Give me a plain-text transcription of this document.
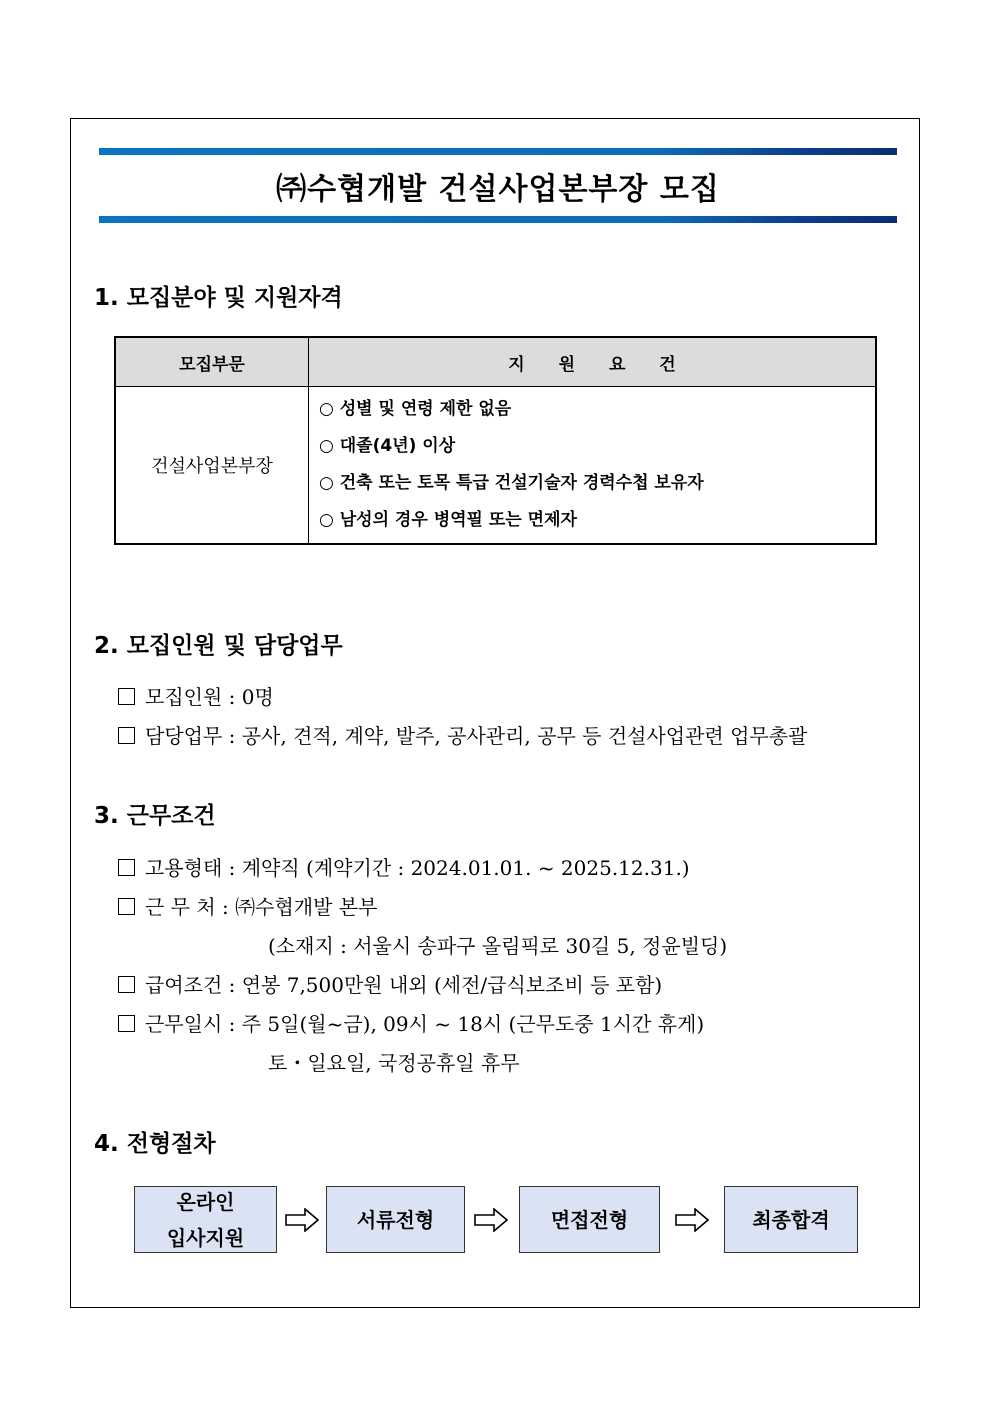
㈜수협개발 건설사업본부장 모집
1. 모집분야 및 지원자격
모집부문	지 원 요 건
건설사업본부장	○ 성별 및 연령 제한 없음
○ 대졸(4년) 이상
○ 건축 또는 토목 특급 건설기술자 경력수첩 보유자
○ 남성의 경우 병역필 또는 면제자
2. 모집인원 및 담당업무
모집인원 : 0명
담당업무 : 공사, 견적, 계약, 발주, 공사관리, 공무 등 건설사업관련 업무총괄
3. 근무조건
고용형태 : 계약직 (계약기간 : 2024.01.01. ~ 2025.12.31.)
근 무 처 : ㈜수협개발 본부
(소재지 : 서울시 송파구 올림픽로 30길 5, 정윤빌딩)
급여조건 : 연봉 7,500만원 내외 (세전/급식보조비 등 포함)
근무일시 : 주 5일(월~금), 09시 ~ 18시 (근무도중 1시간 휴게)
토・일요일, 국정공휴일 휴무
4. 전형절차
온라인
입사지원
서류전형	면접전형	최종합격
